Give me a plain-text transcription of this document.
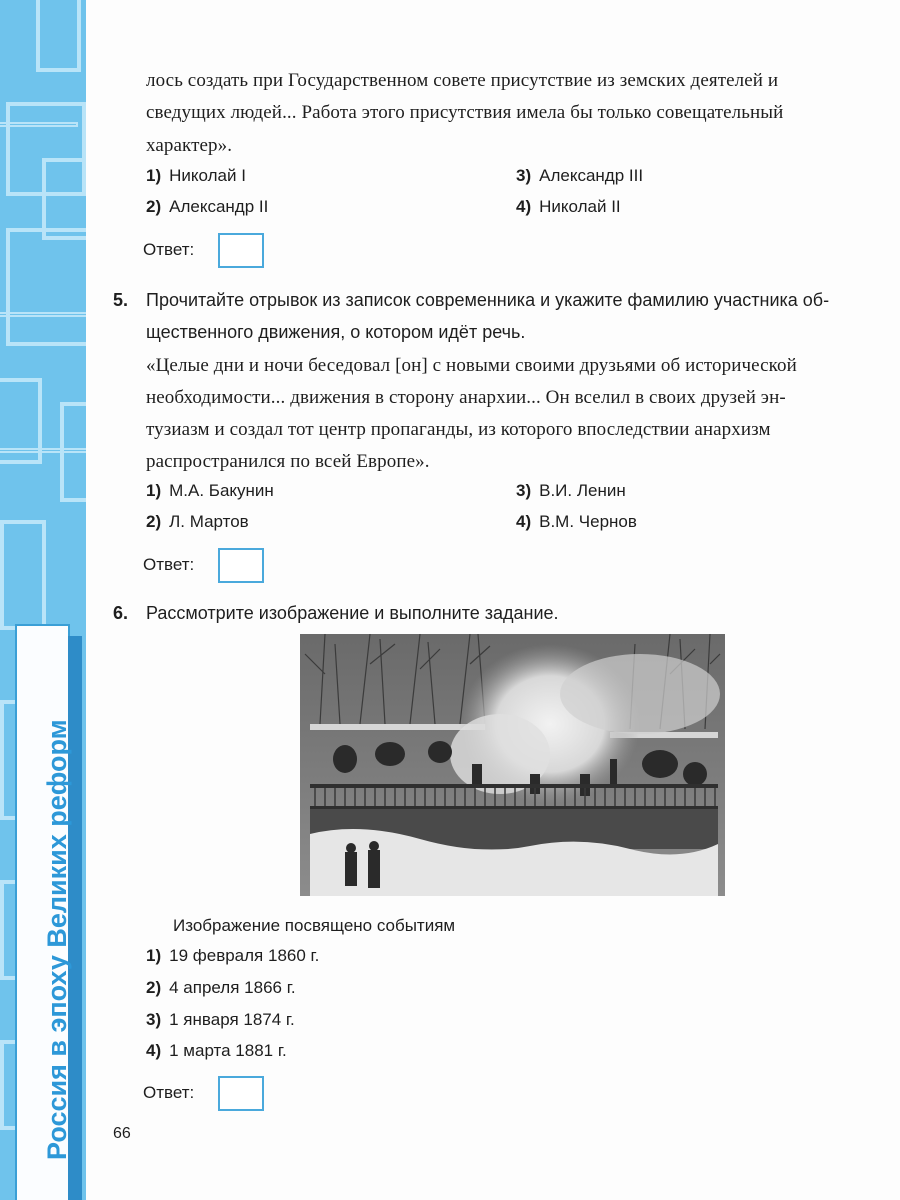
Россия в эпоху Великих реформ
лось создать при Государственном совете присутствие из земских деятелей и
сведущих людей... Работа этого присутствия имела бы только совещательный
характер».
1) Николай I
2) Александр II
3) Александр III
4) Николай II
Ответ:
5. Прочитайте отрывок из записок современника и укажите фамилию участника об-
щественного движения, о котором идёт речь.
«Целые дни и ночи беседовал [он] с новыми своими друзьями об исторической
необходимости... движения в сторону анархии... Он вселил в своих друзей эн-
тузиазм и создал тот центр пропаганды, из которого впоследствии анархизм
распространился по всей Европе».
1) М.А. Бакунин
2) Л. Мартов
3) В.И. Ленин
4) В.М. Чернов
Ответ:
6. Рассмотрите изображение и выполните задание.
Изображение посвящено событиям
1) 19 февраля 1860 г.
2) 4 апреля 1866 г.
3) 1 января 1874 г.
4) 1 марта 1881 г.
Ответ:
66
